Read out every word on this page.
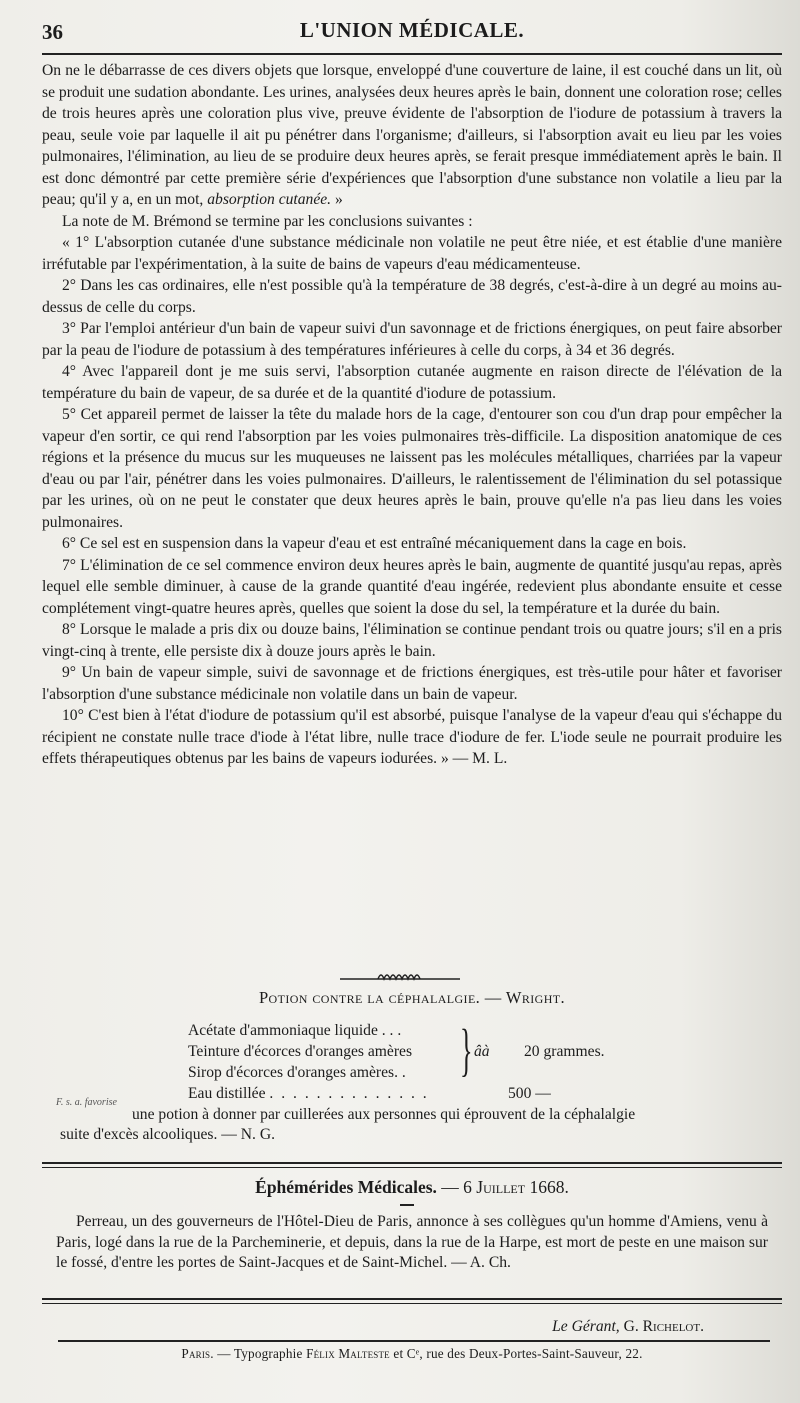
36	L'UNION MÉDICALE.

On ne le débarrasse de ces divers objets que lorsque, enveloppé d'une couverture de laine, il est couché dans un lit, où se produit une sudation abondante. Les urines, analysées deux heures après le bain, donnent une coloration rose; celles de trois heures après une coloration plus vive, preuve évidente de l'absorption de l'iodure de potassium à travers la peau, seule voie par laquelle il ait pu pénétrer dans l'organisme; d'ailleurs, si l'absorption avait eu lieu par les voies pulmonaires, l'élimination, au lieu de se produire deux heures après, se ferait presque immédiatement après le bain. Il est donc démontré par cette première série d'expériences que l'absorption d'une substance non volatile a lieu par la peau; qu'il y a, en un mot, absorption cutanée. »

La note de M. Brémond se termine par les conclusions suivantes :

« 1° L'absorption cutanée d'une substance médicinale non volatile ne peut être niée, et est établie d'une manière irréfutable par l'expérimentation, à la suite de bains de vapeurs d'eau médicamenteuse.

2° Dans les cas ordinaires, elle n'est possible qu'à la température de 38 degrés, c'est-à-dire à un degré au moins au-dessus de celle du corps.

3° Par l'emploi antérieur d'un bain de vapeur suivi d'un savonnage et de frictions énergiques, on peut faire absorber par la peau de l'iodure de potassium à des températures inférieures à celle du corps, à 34 et 36 degrés.

4° Avec l'appareil dont je me suis servi, l'absorption cutanée augmente en raison directe de l'élévation de la température du bain de vapeur, de sa durée et de la quantité d'iodure de potassium.

5° Cet appareil permet de laisser la tête du malade hors de la cage, d'entourer son cou d'un drap pour empêcher la vapeur d'en sortir, ce qui rend l'absorption par les voies pulmonaires très-difficile. La disposition anatomique de ces régions et la présence du mucus sur les muqueuses ne laissent pas les molécules métalliques, charriées par la vapeur d'eau ou par l'air, pénétrer dans les voies pulmonaires. D'ailleurs, le ralentissement de l'élimination du sel potassique par les urines, où on ne peut le constater que deux heures après le bain, prouve qu'elle n'a pas lieu dans les voies pulmonaires.

6° Ce sel est en suspension dans la vapeur d'eau et est entraîné mécaniquement dans la cage en bois.

7° L'élimination de ce sel commence environ deux heures après le bain, augmente de quantité jusqu'au repas, après lequel elle semble diminuer, à cause de la grande quantité d'eau ingérée, redevient plus abondante ensuite et cesse complétement vingt-quatre heures après, quelles que soient la dose du sel, la température et la durée du bain.

8° Lorsque le malade a pris dix ou douze bains, l'élimination se continue pendant trois ou quatre jours; s'il en a pris vingt-cinq à trente, elle persiste dix à douze jours après le bain.

9° Un bain de vapeur simple, suivi de savonnage et de frictions énergiques, est très-utile pour hâter et favoriser l'absorption d'une substance médicinale non volatile dans un bain de vapeur.

10° C'est bien à l'état d'iodure de potassium qu'il est absorbé, puisque l'analyse de la vapeur d'eau qui s'échappe du récipient ne constate nulle trace d'iode à l'état libre, nulle trace d'iodure de fer. L'iode seule ne pourrait produire les effets thérapeutiques obtenus par les bains de vapeurs iodurées. » — M. L.

Potion contre la céphalalgie. — Wright.
Acétate d'ammoniaque liquide . . .
Teinture d'écorces d'oranges amères
Sirop d'écorces d'oranges amères. . } âà 20 grammes.
Eau distillée . . . . . . . . . . . . . .	500 —
F. s. a. favorise
une potion à donner par cuillerées aux personnes qui éprouvent de la céphalalgie
suite d'excès alcooliques. — N. G.
Éphémérides Médicales. — 6 Juillet 1668.
Perreau, un des gouverneurs de l'Hôtel-Dieu de Paris, annonce à ses collègues qu'un homme d'Amiens, venu à Paris, logé dans la rue de la Parcheminerie, et depuis, dans la rue de la Harpe, est mort de peste en une maison sur le fossé, d'entre les portes de Saint-Jacques et de Saint-Michel. — A. Ch.
Le Gérant, G. Richelot.
Paris. — Typographie Félix Malteste et Cᵉ, rue des Deux-Portes-Saint-Sauveur, 22.
